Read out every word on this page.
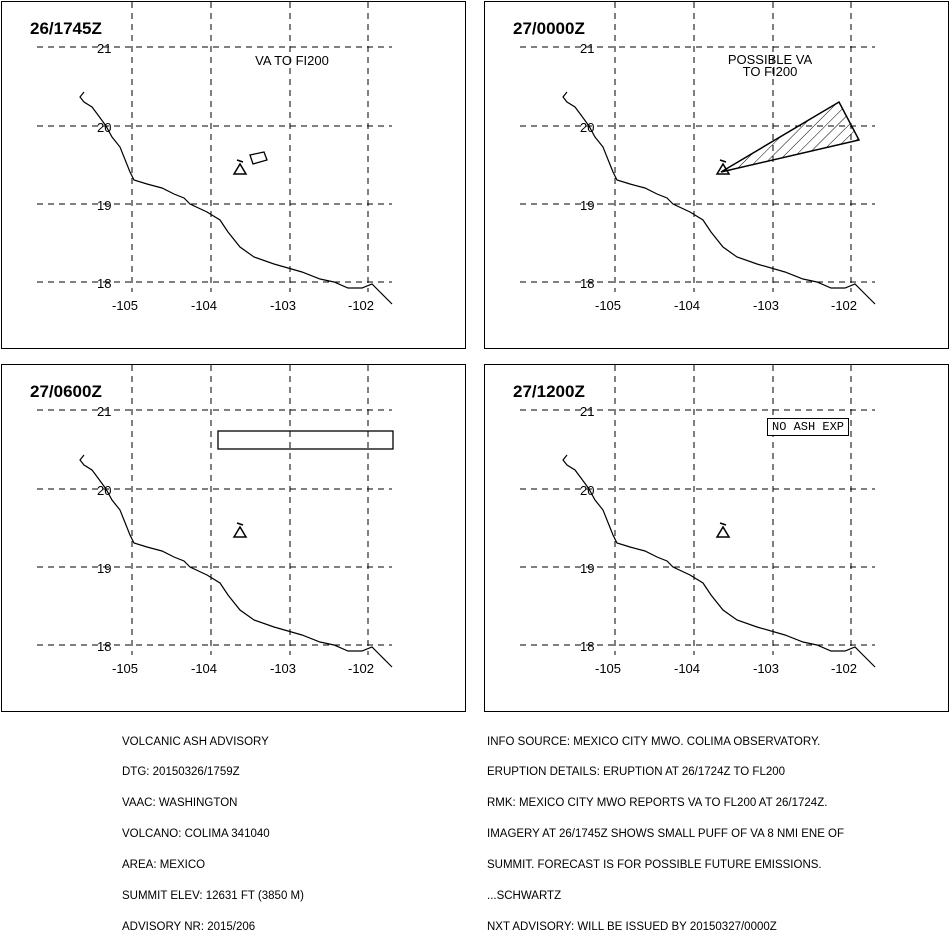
26/1745Z
VA TO FI200
21
20
19
18
-105	-104	-103	-102
27/0000Z
POSSIBLE VA
TO FI200
21
20
19
18
-105	-104	-103	-102
27/0600Z
21
20
19
18
-105	-104	-103	-102
27/1200Z
NO ASH EXP
21
20
19
18
-105	-104	-103	-102

VOLCANIC ASH ADVISORY

DTG: 20150326/1759Z

VAAC: WASHINGTON

VOLCANO: COLIMA 341040

AREA: MEXICO

SUMMIT ELEV: 12631 FT (3850 M)

ADVISORY NR: 2015/206

INFO SOURCE: MEXICO CITY MWO. COLIMA OBSERVATORY.

ERUPTION DETAILS: ERUPTION AT 26/1724Z TO FL200

RMK: MEXICO CITY MWO REPORTS VA TO FL200 AT 26/1724Z.

IMAGERY AT 26/1745Z SHOWS SMALL PUFF OF VA 8 NMI ENE OF

SUMMIT. FORECAST IS FOR POSSIBLE FUTURE EMISSIONS.

...SCHWARTZ

NXT ADVISORY: WILL BE ISSUED BY 20150327/0000Z
